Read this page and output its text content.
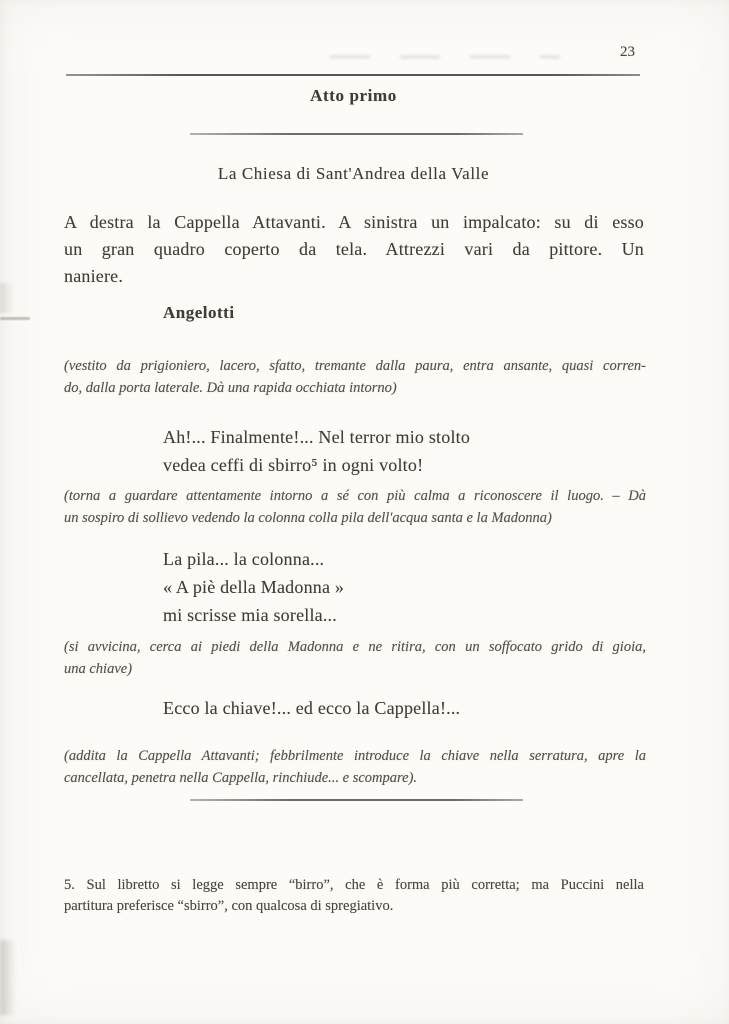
23
Atto primo
La Chiesa di Sant'Andrea della Valle
A destra la Cappella Attavanti. A sinistra un impalcato: su di esso
un gran quadro coperto da tela. Attrezzi vari da pittore. Un
naniere.
Angelotti
(vestito da prigioniero, lacero, sfatto, tremante dalla paura, entra ansante, quasi corren-
do, dalla porta laterale. Dà una rapida occhiata intorno)
Ah!... Finalmente!... Nel terror mio stolto
vedea ceffi di sbirro⁵ in ogni volto!
(torna a guardare attentamente intorno a sé con più calma a riconoscere il luogo. – Dà
un sospiro di sollievo vedendo la colonna colla pila dell'acqua santa e la Madonna)
La pila... la colonna...
« A piè della Madonna »
mi scrisse mia sorella...
(si avvicina, cerca ai piedi della Madonna e ne ritira, con un soffocato grido di gioia,
una chiave)
Ecco la chiave!... ed ecco la Cappella!...
(addita la Cappella Attavanti; febbrilmente introduce la chiave nella serratura, apre la
cancellata, penetra nella Cappella, rinchiude... e scompare).
5. Sul libretto si legge sempre “birro”, che è forma più corretta; ma Puccini nella
partitura preferisce “sbirro”, con qualcosa di spregiativo.
